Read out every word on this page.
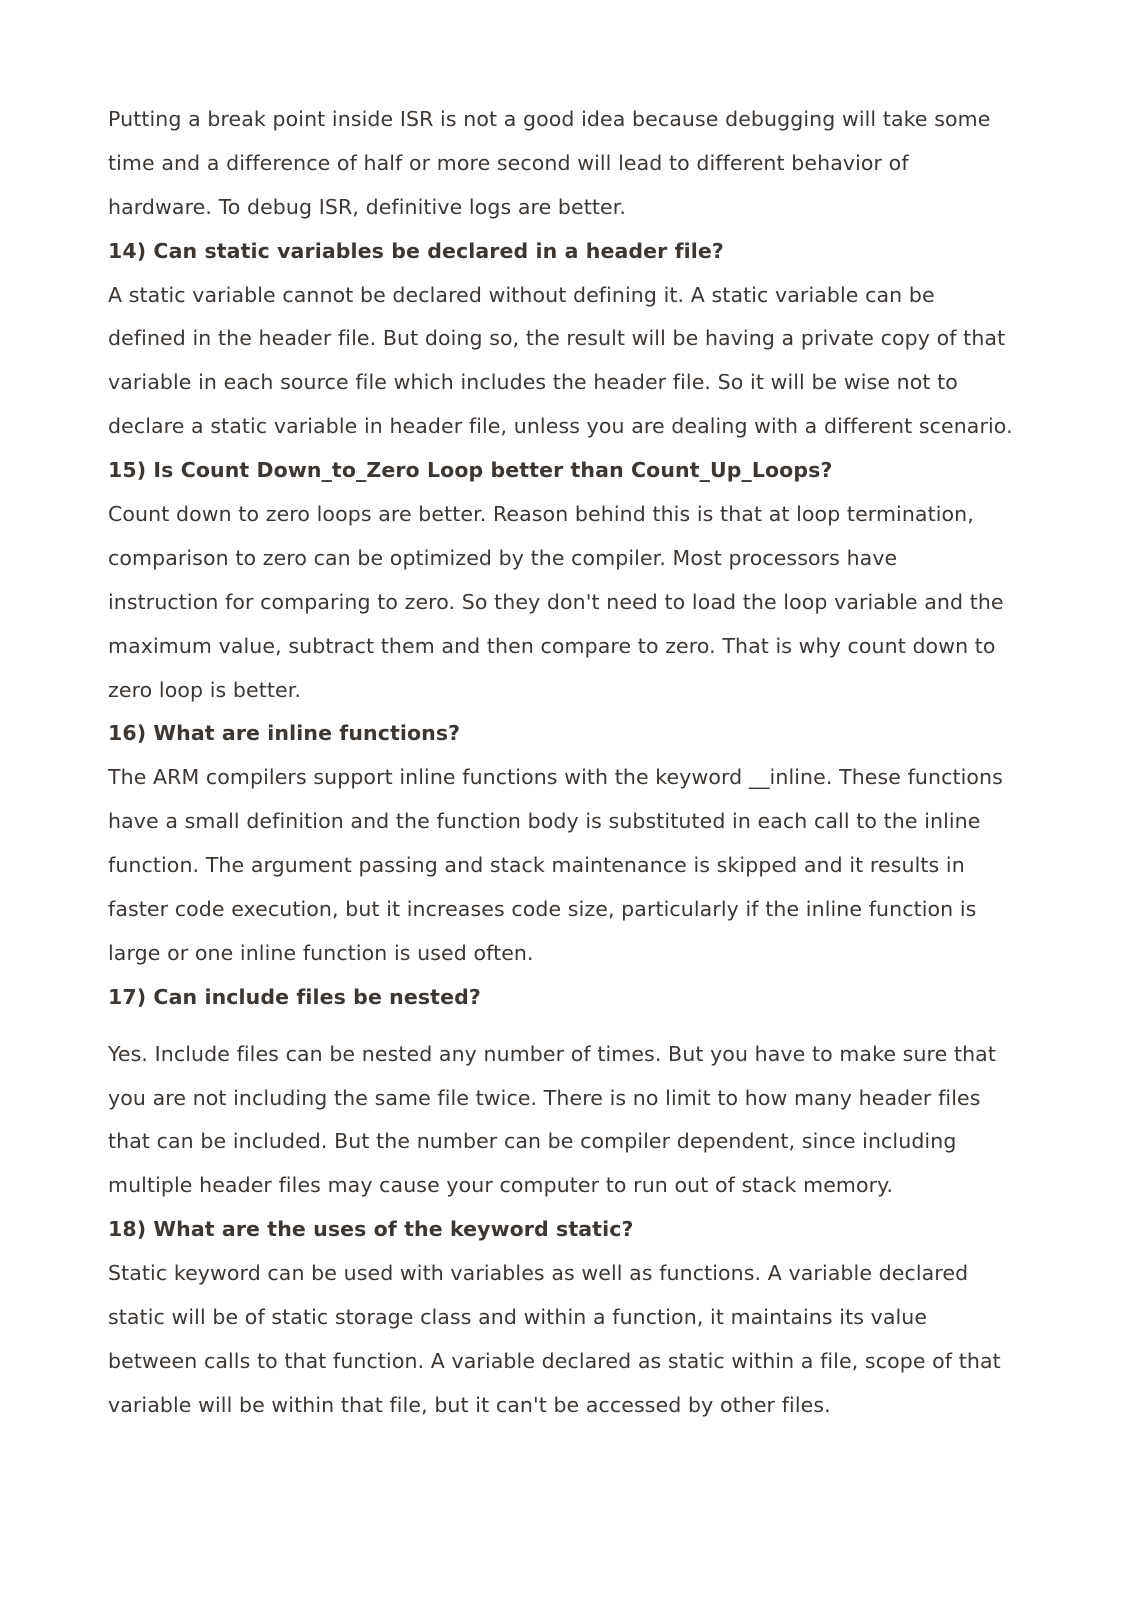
Putting a break point inside ISR is not a good idea because debugging will take some
time and a difference of half or more second will lead to different behavior of
hardware. To debug ISR, definitive logs are better.
14) Can static variables be declared in a header file?
A static variable cannot be declared without defining it. A static variable can be
defined in the header file. But doing so, the result will be having a private copy of that
variable in each source file which includes the header file. So it will be wise not to
declare a static variable in header file, unless you are dealing with a different scenario.
15) Is Count Down_to_Zero Loop better than Count_Up_Loops?
Count down to zero loops are better. Reason behind this is that at loop termination,
comparison to zero can be optimized by the compiler. Most processors have
instruction for comparing to zero. So they don't need to load the loop variable and the
maximum value, subtract them and then compare to zero. That is why count down to
zero loop is better.
16) What are inline functions?
The ARM compilers support inline functions with the keyword __inline. These functions
have a small definition and the function body is substituted in each call to the inline
function. The argument passing and stack maintenance is skipped and it results in
faster code execution, but it increases code size, particularly if the inline function is
large or one inline function is used often.
17) Can include files be nested?
Yes. Include files can be nested any number of times. But you have to make sure that
you are not including the same file twice. There is no limit to how many header files
that can be included. But the number can be compiler dependent, since including
multiple header files may cause your computer to run out of stack memory.
18) What are the uses of the keyword static?
Static keyword can be used with variables as well as functions. A variable declared
static will be of static storage class and within a function, it maintains its value
between calls to that function. A variable declared as static within a file, scope of that
variable will be within that file, but it can't be accessed by other files.
